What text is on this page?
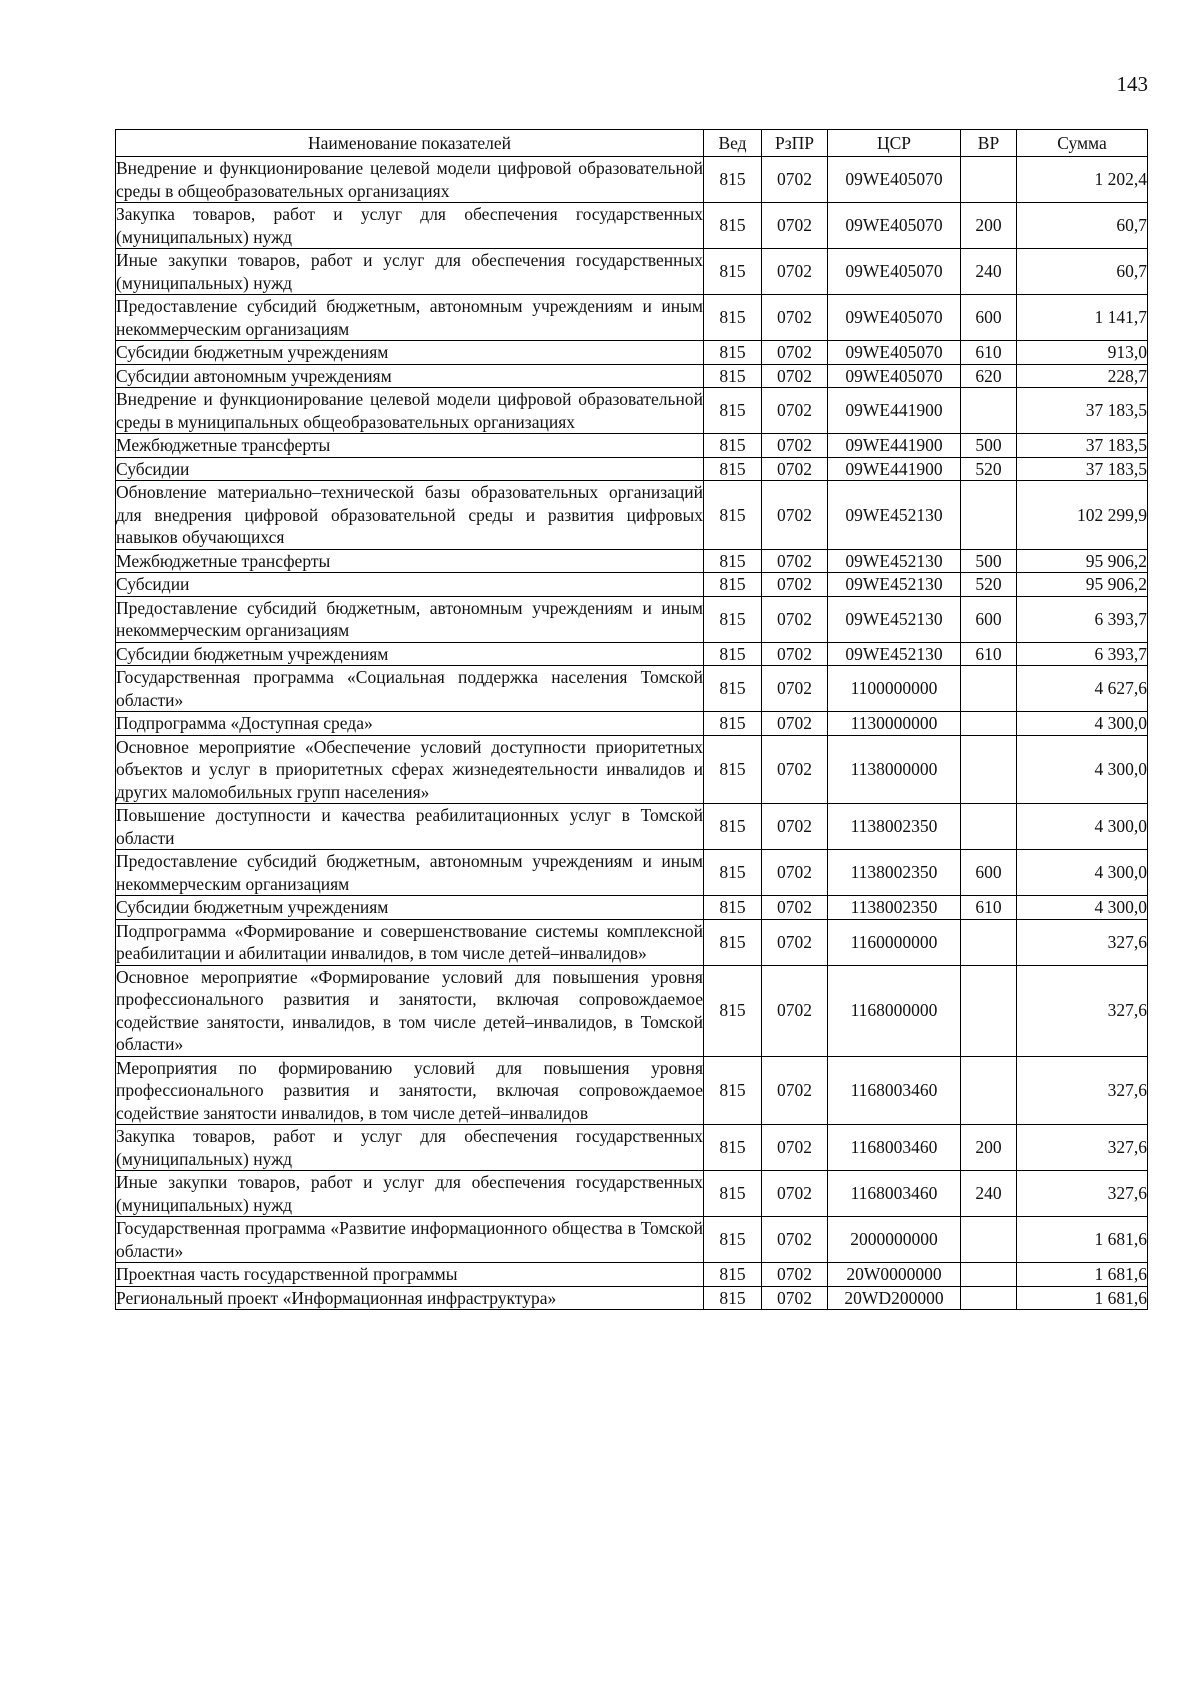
143
Наименование показателей	Вед	РзПР	ЦСР	ВР	Сумма
Внедрение и функционирование целевой модели цифровой образовательной среды в общеобразовательных организациях	815	0702	09WE405070		1 202,4
Закупка товаров, работ и услуг для обеспечения государственных (муниципальных) нужд	815	0702	09WE405070	200	60,7
Иные закупки товаров, работ и услуг для обеспечения государственных (муниципальных) нужд	815	0702	09WE405070	240	60,7
Предоставление субсидий бюджетным, автономным учреждениям и иным некоммерческим организациям	815	0702	09WE405070	600	1 141,7
Субсидии бюджетным учреждениям	815	0702	09WE405070	610	913,0
Субсидии автономным учреждениям	815	0702	09WE405070	620	228,7
Внедрение и функционирование целевой модели цифровой образовательной среды в муниципальных общеобразовательных организациях	815	0702	09WE441900		37 183,5
Межбюджетные трансферты	815	0702	09WE441900	500	37 183,5
Субсидии	815	0702	09WE441900	520	37 183,5
Обновление материально–технической базы образовательных организаций для внедрения цифровой образовательной среды и развития цифровых навыков обучающихся	815	0702	09WE452130		102 299,9
Межбюджетные трансферты	815	0702	09WE452130	500	95 906,2
Субсидии	815	0702	09WE452130	520	95 906,2
Предоставление субсидий бюджетным, автономным учреждениям и иным некоммерческим организациям	815	0702	09WE452130	600	6 393,7
Субсидии бюджетным учреждениям	815	0702	09WE452130	610	6 393,7
Государственная программа «Социальная поддержка населения Томской области»	815	0702	1100000000		4 627,6
Подпрограмма «Доступная среда»	815	0702	1130000000		4 300,0
Основное мероприятие «Обеспечение условий доступности приоритетных объектов и услуг в приоритетных сферах жизнедеятельности инвалидов и других маломобильных групп населения»	815	0702	1138000000		4 300,0
Повышение доступности и качества реабилитационных услуг в Томской области	815	0702	1138002350		4 300,0
Предоставление субсидий бюджетным, автономным учреждениям и иным некоммерческим организациям	815	0702	1138002350	600	4 300,0
Субсидии бюджетным учреждениям	815	0702	1138002350	610	4 300,0
Подпрограмма «Формирование и совершенствование системы комплексной реабилитации и абилитации инвалидов, в том числе детей–инвалидов»	815	0702	1160000000		327,6
Основное мероприятие «Формирование условий для повышения уровня профессионального развития и занятости, включая сопровождаемое содействие занятости, инвалидов, в том числе детей–инвалидов, в Томской области»	815	0702	1168000000		327,6
Мероприятия по формированию условий для повышения уровня профессионального развития и занятости, включая сопровождаемое содействие занятости инвалидов, в том числе детей–инвалидов	815	0702	1168003460		327,6
Закупка товаров, работ и услуг для обеспечения государственных (муниципальных) нужд	815	0702	1168003460	200	327,6
Иные закупки товаров, работ и услуг для обеспечения государственных (муниципальных) нужд	815	0702	1168003460	240	327,6
Государственная программа «Развитие информационного общества в Томской области»	815	0702	2000000000		1 681,6
Проектная часть государственной программы	815	0702	20W0000000		1 681,6
Региональный проект «Информационная инфраструктура»	815	0702	20WD200000		1 681,6
